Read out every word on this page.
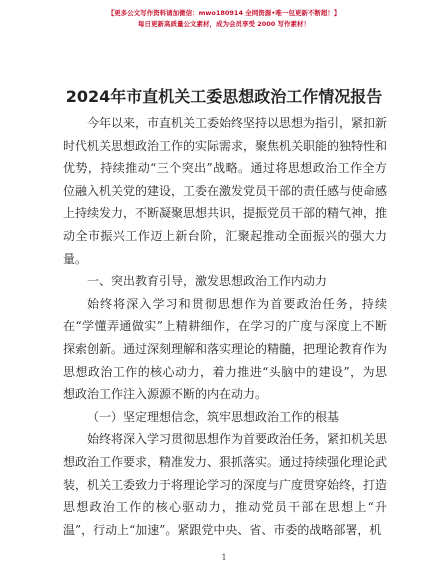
【更多公文写作资料请加微信：mwo180914 全网资源•唯一包更新不断超！】
每日更新高质量公文素材，成为会员享受 2000 写作素材！
2024年市直机关工委思想政治工作情况报告

今年以来，市直机关工委始终坚持以思想为指引，紧扣新时代机关思想政治工作的实际需求，聚焦机关职能的独特性和优势，持续推动“三个突出”战略。通过将思想政治工作全方位融入机关党的建设，工委在激发党员干部的责任感与使命感上持续发力，不断凝聚思想共识，提振党员干部的精气神，推动全市振兴工作迈上新台阶，汇聚起推动全面振兴的强大力量。

一、突出教育引导，激发思想政治工作内动力

始终将深入学习和贯彻思想作为首要政治任务，持续在“学懂弄通做实”上精耕细作，在学习的广度与深度上不断探索创新。通过深刻理解和落实理论的精髓，把理论教育作为思想政治工作的核心动力，着力推进“头脑中的建设”，为思想政治工作注入源源不断的内在动力。

（一）坚定理想信念，筑牢思想政治工作的根基

始终将深入学习贯彻思想作为首要政治任务，紧扣机关思想政治工作要求，精准发力、狠抓落实。通过持续强化理论武装，机关工委致力于将理论学习的深度与广度贯穿始终，打造思想政治工作的核心驱动力，推动党员干部在思想上“升温”，行动上“加速”。紧跟党中央、省、市委的战略部署，机

1
